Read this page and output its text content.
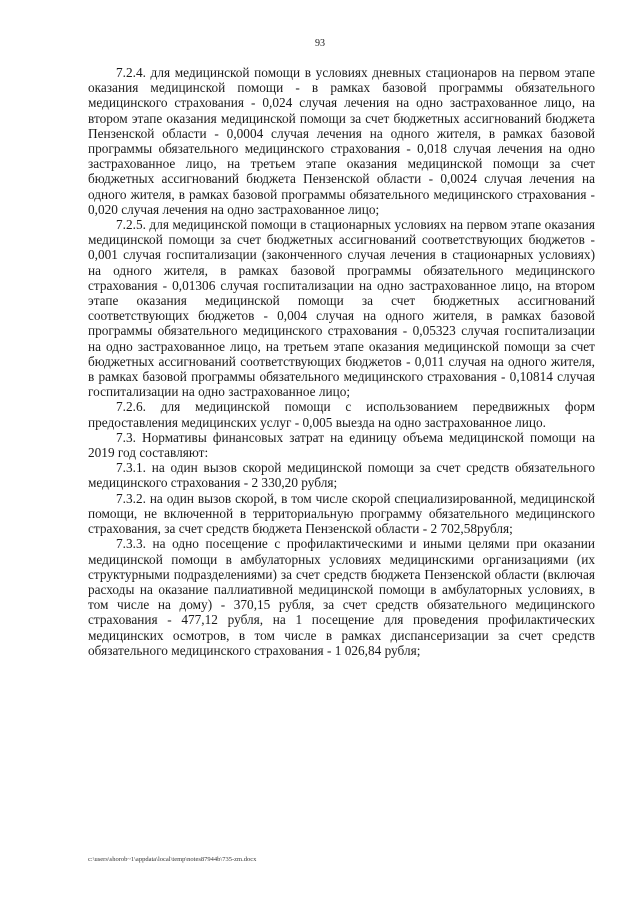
93

7.2.4. для медицинской помощи в условиях дневных стационаров на первом этапе оказания медицинской помощи - в рамках базовой программы обязательного медицинского страхования - 0,024 случая лечения на одно застрахованное лицо, на втором этапе оказания медицинской помощи за счет бюджетных ассигнований бюджета Пензенской области - 0,0004 случая лечения на одного жителя, в рамках базовой программы обязательного медицинского страхования - 0,018 случая лечения на одно застрахованное лицо, на третьем этапе оказания медицинской помощи за счет бюджетных ассигнований бюджета Пензенской области - 0,0024 случая лечения на одного жителя, в рамках базовой программы обязательного медицинского страхования - 0,020 случая лечения на одно застрахованное лицо;

7.2.5. для медицинской помощи в стационарных условиях на первом этапе оказания медицинской помощи за счет бюджетных ассигнований соответствующих бюджетов - 0,001 случая госпитализации (законченного случая лечения в стационарных условиях) на одного жителя, в рамках базовой программы обязательного медицинского страхования - 0,01306 случая госпитализации на одно застрахованное лицо, на втором этапе оказания медицинской помощи за счет бюджетных ассигнований соответствующих бюджетов - 0,004 случая на одного жителя, в рамках базовой программы обязательного медицинского страхования - 0,05323 случая госпитализации на одно застрахованное лицо, на третьем этапе оказания медицинской помощи за счет бюджетных ассигнований соответствующих бюджетов - 0,011 случая на одного жителя, в рамках базовой программы обязательного медицинского страхования - 0,10814 случая госпитализации на одно застрахованное лицо;

7.2.6. для медицинской помощи с использованием передвижных форм предоставления медицинских услуг - 0,005 выезда на одно застрахованное лицо.

7.3. Нормативы финансовых затрат на единицу объема медицинской помощи на 2019 год составляют:

7.3.1. на один вызов скорой медицинской помощи за счет средств обязательного медицинского страхования - 2 330,20 рубля;

7.3.2. на один вызов скорой, в том числе скорой специализированной, медицинской помощи, не включенной в территориальную программу обязательного медицинского страхования, за счет средств бюджета Пензенской области - 2 702,58рубля;

7.3.3. на одно посещение с профилактическими и иными целями при оказании медицинской помощи в амбулаторных условиях медицинскими организациями (их структурными подразделениями) за счет средств бюджета Пензенской области (включая расходы на оказание паллиативной медицинской помощи в амбулаторных условиях, в том числе на дому) - 370,15 рубля, за счет средств обязательного медицинского страхования - 477,12 рубля, на 1 посещение для проведения профилактических медицинских осмотров, в том числе в рамках диспансеризации за счет средств обязательного медицинского страхования - 1 026,84 рубля;

c:\users\shorob~1\appdata\local\temp\notes87944b\735-zm.docx
